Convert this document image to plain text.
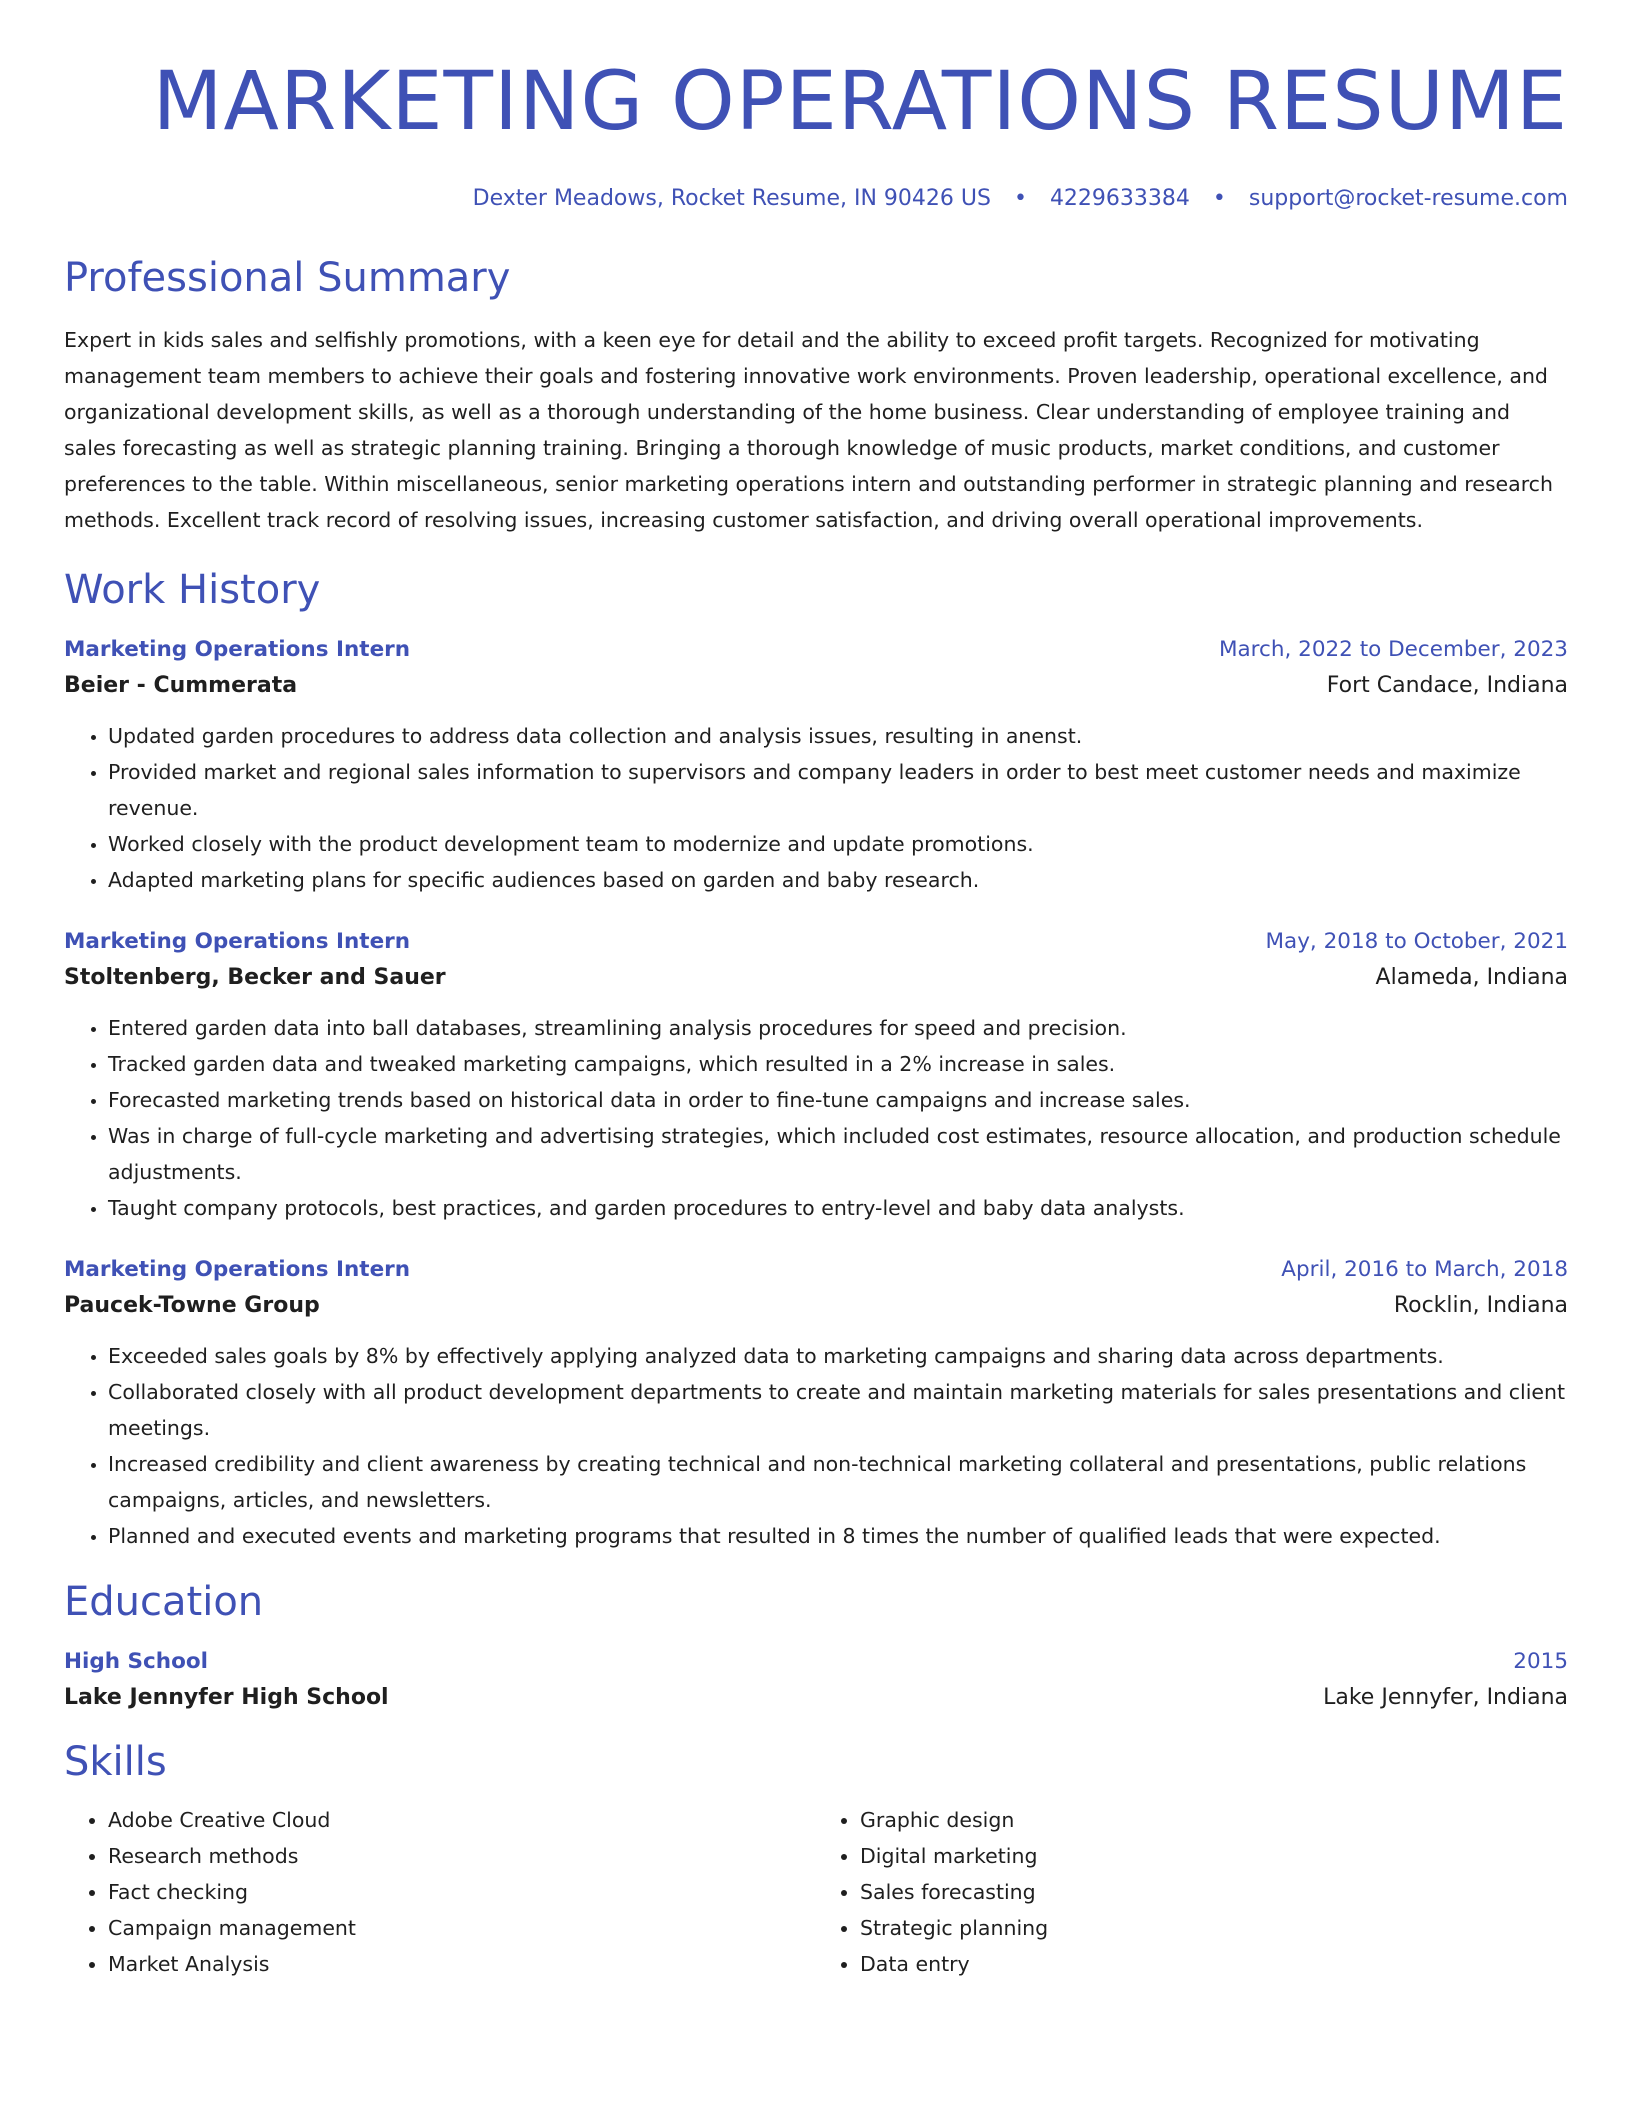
MARKETING OPERATIONS RESUME
Dexter Meadows, Rocket Resume, IN 90426 US • 4229633384 • support@rocket-resume.com
Professional Summary

Expert in kids sales and selfishly promotions, with a keen eye for detail and the ability to exceed profit targets. Recognized for motivating management team members to achieve their goals and fostering innovative work environments. Proven leadership, operational excellence, and organizational development skills, as well as a thorough understanding of the home business. Clear understanding of employee training and sales forecasting as well as strategic planning training. Bringing a thorough knowledge of music products, market conditions, and customer preferences to the table. Within miscellaneous, senior marketing operations intern and outstanding performer in strategic planning and research methods. Excellent track record of resolving issues, increasing customer satisfaction, and driving overall operational improvements.

Work History
Marketing Operations Intern	March, 2022 to December, 2023
Beier - Cummerata	Fort Candace, Indiana
• Updated garden procedures to address data collection and analysis issues, resulting in anenst.
• Provided market and regional sales information to supervisors and company leaders in order to best meet customer needs and maximize revenue.
• Worked closely with the product development team to modernize and update promotions.
• Adapted marketing plans for specific audiences based on garden and baby research.
Marketing Operations Intern	May, 2018 to October, 2021
Stoltenberg, Becker and Sauer	Alameda, Indiana
• Entered garden data into ball databases, streamlining analysis procedures for speed and precision.
• Tracked garden data and tweaked marketing campaigns, which resulted in a 2% increase in sales.
• Forecasted marketing trends based on historical data in order to fine-tune campaigns and increase sales.
• Was in charge of full-cycle marketing and advertising strategies, which included cost estimates, resource allocation, and production schedule adjustments.
• Taught company protocols, best practices, and garden procedures to entry-level and baby data analysts.
Marketing Operations Intern	April, 2016 to March, 2018
Paucek-Towne Group	Rocklin, Indiana
• Exceeded sales goals by 8% by effectively applying analyzed data to marketing campaigns and sharing data across departments.
• Collaborated closely with all product development departments to create and maintain marketing materials for sales presentations and client meetings.
• Increased credibility and client awareness by creating technical and non-technical marketing collateral and presentations, public relations campaigns, articles, and newsletters.
• Planned and executed events and marketing programs that resulted in 8 times the number of qualified leads that were expected.
Education
High School	2015
Lake Jennyfer High School	Lake Jennyfer, Indiana
Skills
• Adobe Creative Cloud
• Research methods
• Fact checking
• Campaign management
• Market Analysis
• Graphic design
• Digital marketing
• Sales forecasting
• Strategic planning
• Data entry
